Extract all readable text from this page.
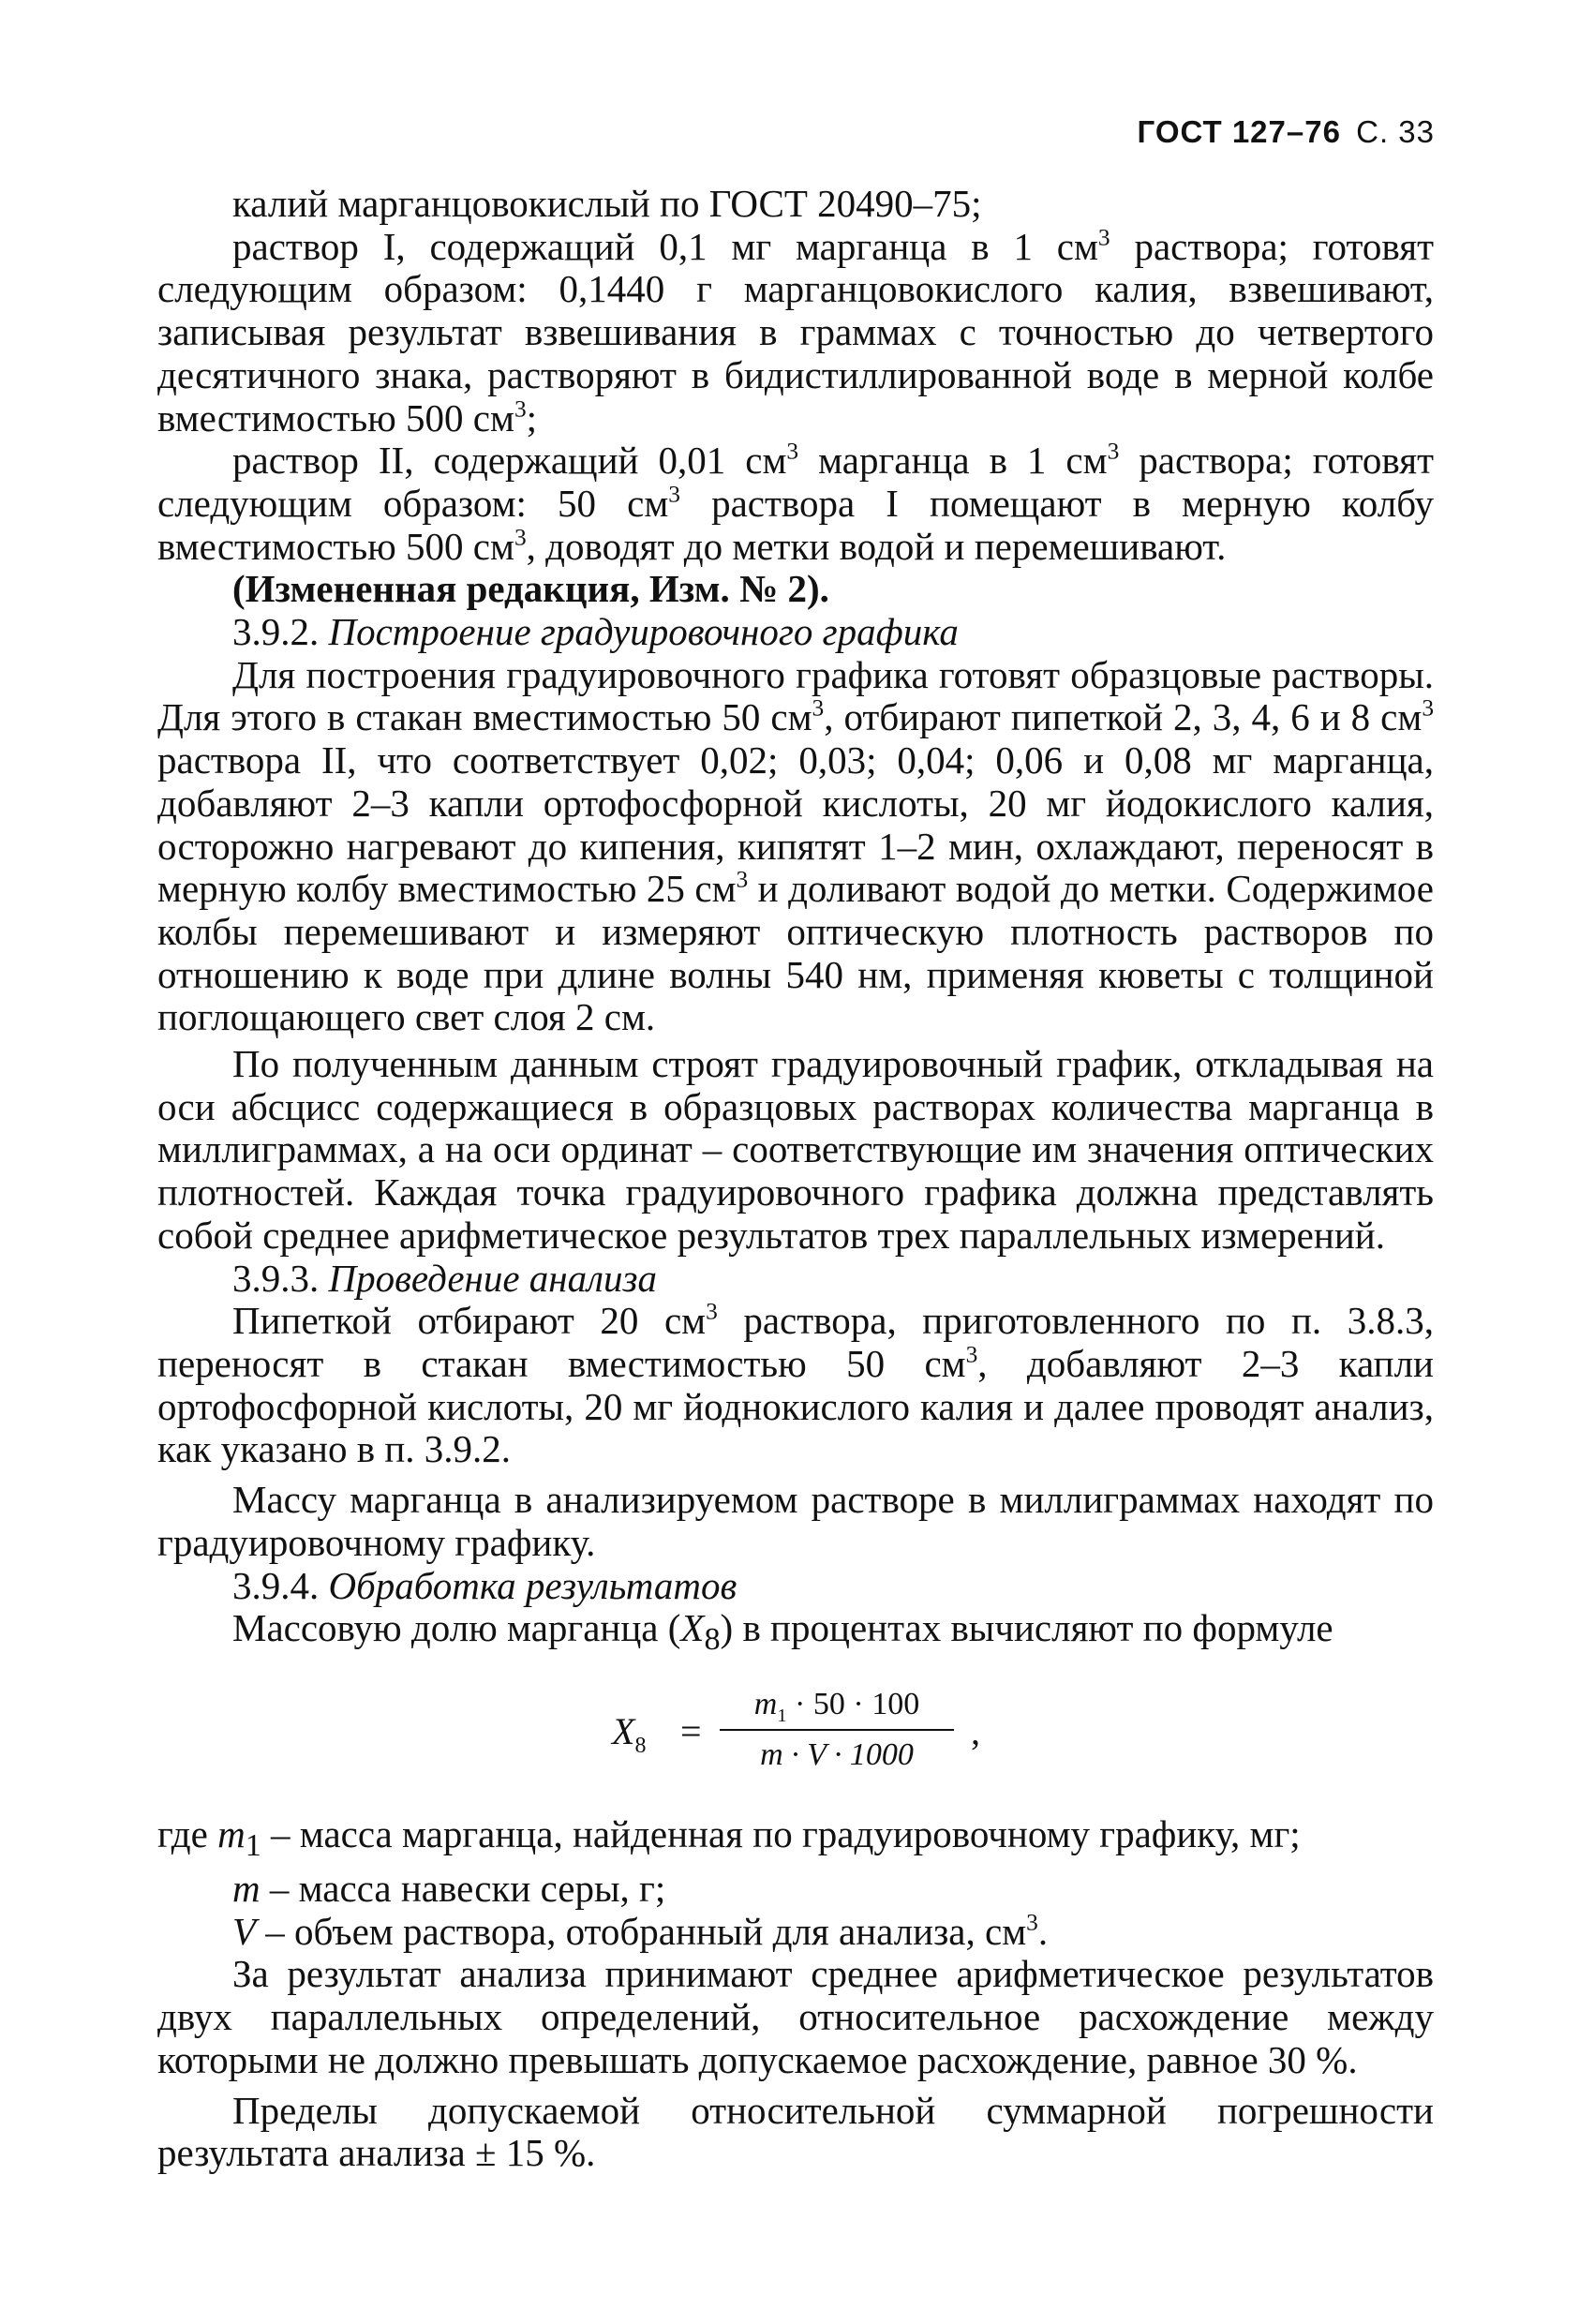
ГОСТ 127–76 С. 33

калий марганцовокислый по ГОСТ 20490–75;

раствор I, содержащий 0,1 мг марганца в 1 $см^3$ раствора; готовят следующим образом: 0,1440 г марганцовокислого калия, взвешивают, записывая результат взвешивания в граммах с точностью до четвертого десятичного знака, растворяют в бидистиллированной воде в мерной колбе вместимостью 500 $см^3$;

раствор II, содержащий 0,01 $см^3$ марганца в 1 $см^3$ раствора; готовят следующим образом: 50 $см^3$ раствора I помещают в мерную колбу вместимостью 500 $см^3$, доводят до метки водой и перемешивают.

(Измененная редакция, Изм. № 2).

3.9.2. Построение градуировочного графика

Для построения градуировочного графика готовят образцовые растворы. Для этого в стакан вместимостью 50 $см^3$, отбирают пипеткой 2, 3, 4, 6 и 8 $см^3$ раствора II, что соответствует 0,02; 0,03; 0,04; 0,06 и 0,08 мг марганца, добавляют 2–3 капли ортофосфорной кислоты, 20 мг йодокислого калия, осторожно нагревают до кипения, кипятят 1–2 мин, охлаждают, переносят в мерную колбу вместимостью 25 $см^3$ и доливают водой до метки. Содержимое колбы перемешивают и измеряют оптическую плотность растворов по отношению к воде при длине волны 540 нм, применяя кюветы с толщиной поглощающего свет слоя 2 см.

По полученным данным строят градуировочный график, откладывая на оси абсцисс содержащиеся в образцовых растворах количества марганца в миллиграммах, а на оси ординат – соответствующие им значения оптических плотностей. Каждая точка градуировочного графика должна представлять собой среднее арифметическое результатов трех параллельных измерений.

3.9.3. Проведение анализа

Пипеткой отбирают 20 $см^3$ раствора, приготовленного по п. 3.8.3, переносят в стакан вместимостью 50 $см^3$, добавляют 2–3 капли ортофосфорной кислоты, 20 мг йоднокислого калия и далее проводят анализ, как указано в п. 3.9.2.

Массу марганца в анализируемом растворе в миллиграммах находят по градуировочному графику.

3.9.4. Обработка результатов

Массовую долю марганца $(X_8)$ в процентах вычисляют по формуле

$X_8$ =
$m_1 \cdot 50 \cdot 100$
m · V · 1000
,

где $m_1$ – масса марганца, найденная по градуировочному графику, мг;

m – масса навески серы, г;

V – объем раствора, отобранный для анализа, $см^3$.

За результат анализа принимают среднее арифметическое результатов двух параллельных определений, относительное расхождение между которыми не должно превышать допускаемое расхождение, равное 30 %.

Пределы допускаемой относительной суммарной погрешности результата анализа ± 15 %.
